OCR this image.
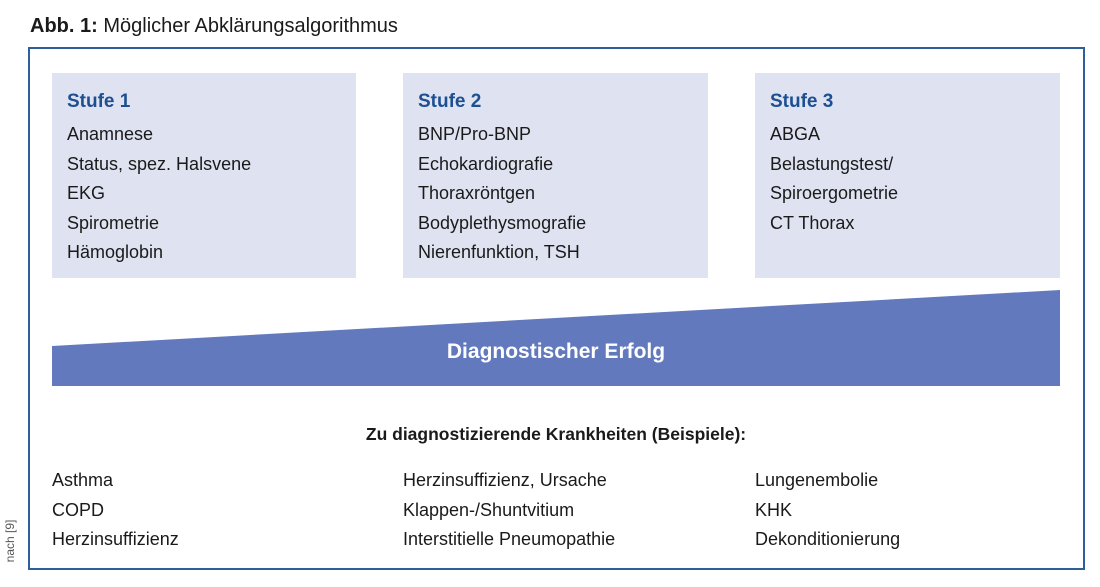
Abb. 1: Möglicher Abklärungsalgorithmus
Stufe 1
Anamnese
Status, spez. Halsvene
EKG
Spirometrie
Hämoglobin
Stufe 2
BNP/Pro-BNP
Echokardiografie
Thoraxröntgen
Bodyplethysmografie
Nierenfunktion, TSH
Stufe 3
ABGA
Belastungstest/
Spiroergometrie
CT Thorax
Diagnostischer Erfolg
Zu diagnostizierende Krankheiten (Beispiele):
Asthma
COPD
Herzinsuffizienz
Herzinsuffizienz, Ursache
Klappen-/Shuntvitium
Interstitielle Pneumopathie
Lungenembolie
KHK
Dekonditionierung
nach [9]
